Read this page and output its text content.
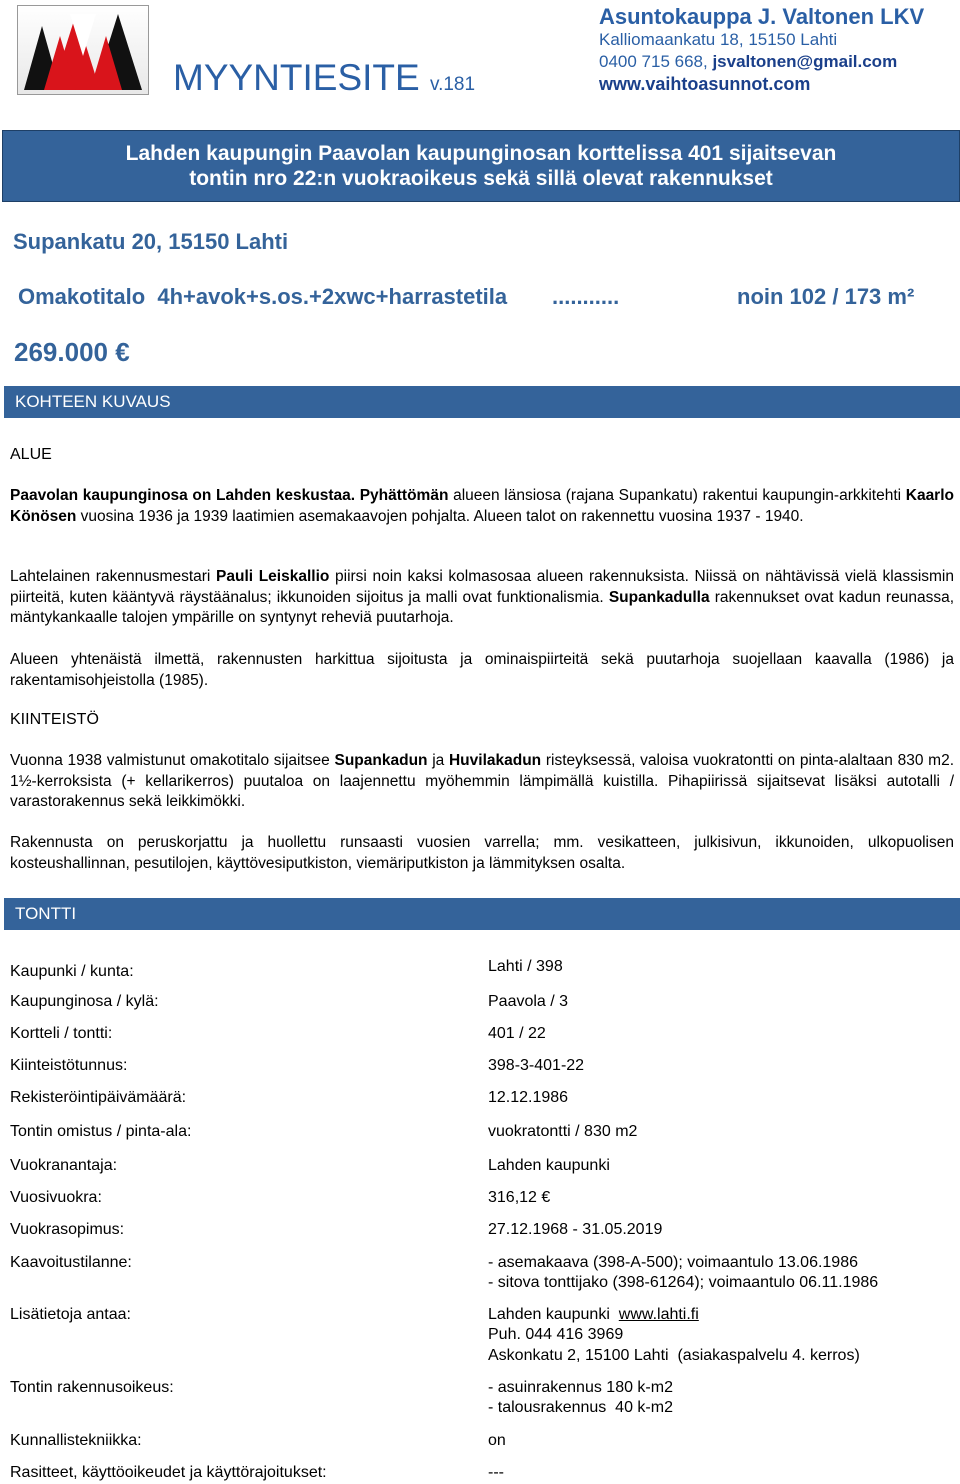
MYYNTIESITE v.181
Asuntokauppa J. Valtonen LKV
Kalliomaankatu 18, 15150 Lahti
0400 715 668, jsvaltonen@gmail.com
www.vaihtoasunnot.com
Lahden kaupungin Paavolan kaupunginosan korttelissa 401 sijaitsevan
tontin nro 22:n vuokraoikeus sekä sillä olevat rakennukset
Supankatu 20, 15150 Lahti
Omakotitalo  4h+avok+s.os.+2xwc+harrastetila ...........	noin 102 / 173 m²
269.000 €
KOHTEEN KUVAUS
ALUE
Paavolan kaupunginosa on Lahden keskustaa. Pyhättömän alueen länsiosa (rajana Supankatu) rakentui kaupungin-arkkitehti Kaarlo Könösen vuosina 1936 ja 1939 laatimien asemakaavojen pohjalta. Alueen talot on rakennettu vuosina 1937 - 1940.
Lahtelainen rakennusmestari Pauli Leiskallio piirsi noin kaksi kolmasosaa alueen rakennuksista. Niissä on nähtävissä vielä klassismin piirteitä, kuten kääntyvä räystäänalus; ikkunoiden sijoitus ja malli ovat funktionalismia. Supankadulla rakennukset ovat kadun reunassa, mäntykankaalle talojen ympärille on syntynyt reheviä puutarhoja.
Alueen yhtenäistä ilmettä, rakennusten harkittua sijoitusta ja ominaispiirteitä sekä puutarhoja suojellaan kaavalla (1986) ja rakentamisohjeistolla (1985).
KIINTEISTÖ
Vuonna 1938 valmistunut omakotitalo sijaitsee Supankadun ja Huvilakadun risteyksessä, valoisa vuokratontti on pinta-alaltaan 830 m2. 1½-kerroksista (+ kellarikerros) puutaloa on laajennettu myöhemmin lämpimällä kuistilla. Pihapiirissä sijaitsevat lisäksi autotalli / varastorakennus sekä leikkimökki.
Rakennusta on peruskorjattu ja huollettu runsaasti vuosien varrella; mm. vesikatteen, julkisivun, ikkunoiden, ulkopuolisen kosteushallinnan, pesutilojen, käyttövesiputkiston, viemäriputkiston ja lämmityksen osalta.
TONTTI
Kaupunki / kunta:	Lahti / 398
Kaupunginosa / kylä:	Paavola / 3
Kortteli / tontti:	401 / 22
Kiinteistötunnus:	398-3-401-22
Rekisteröintipäivämäärä:	12.12.1986
Tontin omistus / pinta-ala:	vuokratontti / 830 m2
Vuokranantaja:	Lahden kaupunki
Vuosivuokra:	316,12 €
Vuokrasopimus:	27.12.1968 - 31.05.2019
Kaavoitustilanne:	- asemakaava (398-A-500); voimaantulo 13.06.1986
- sitova tonttijako (398-61264); voimaantulo 06.11.1986
Lisätietoja antaa:	Lahden kaupunki www.lahti.fi
Puh. 044 416 3969
Askonkatu 2, 15100 Lahti  (asiakaspalvelu 4. kerros)
Tontin rakennusoikeus:	- asuinrakennus 180 k-m2
- talousrakennus  40 k-m2
Kunnallistekniikka:	on
Rasitteet, käyttöoikeudet ja käyttörajoitukset:	---
